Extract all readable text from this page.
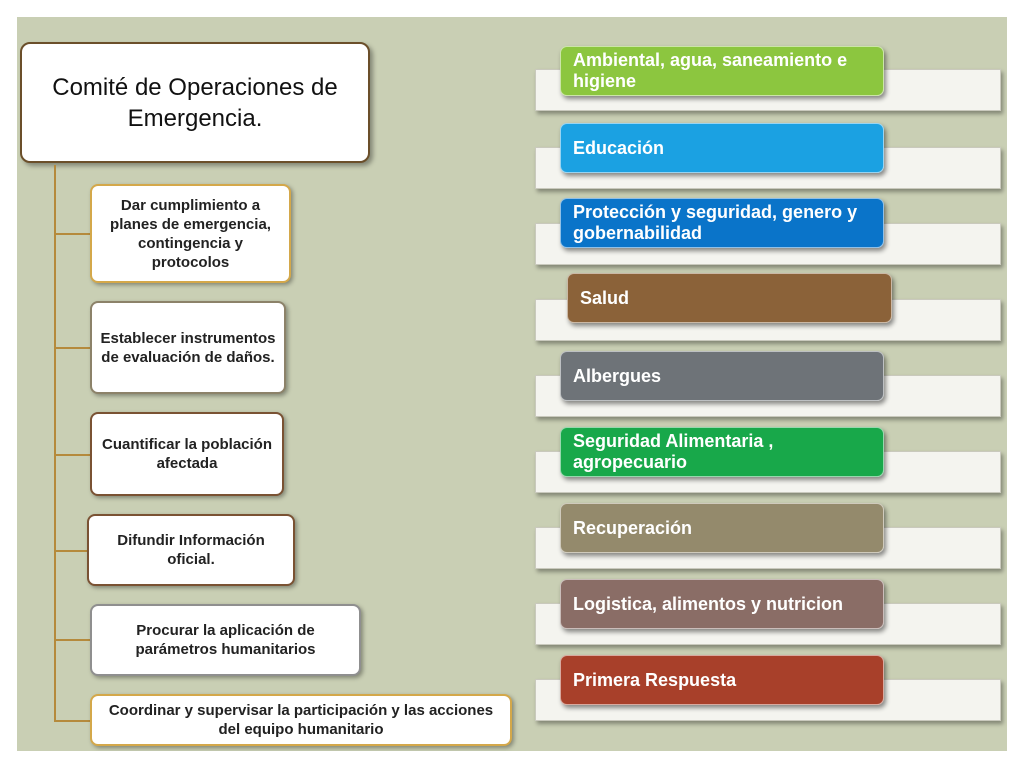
Comité de Operaciones de Emergencia.
Dar cumplimiento a planes de emergencia, contingencia y protocolos
Establecer instrumentos de evaluación de daños.
Cuantificar la población afectada
Difundir Información oficial.
Procurar la aplicación de parámetros humanitarios
Coordinar y supervisar la participación y las acciones del equipo humanitario
Ambiental, agua, saneamiento e higiene
Educación
Protección y seguridad, genero y gobernabilidad
Salud
Albergues
Seguridad Alimentaria , agropecuario
Recuperación
Logistica, alimentos y nutricion
Primera Respuesta
